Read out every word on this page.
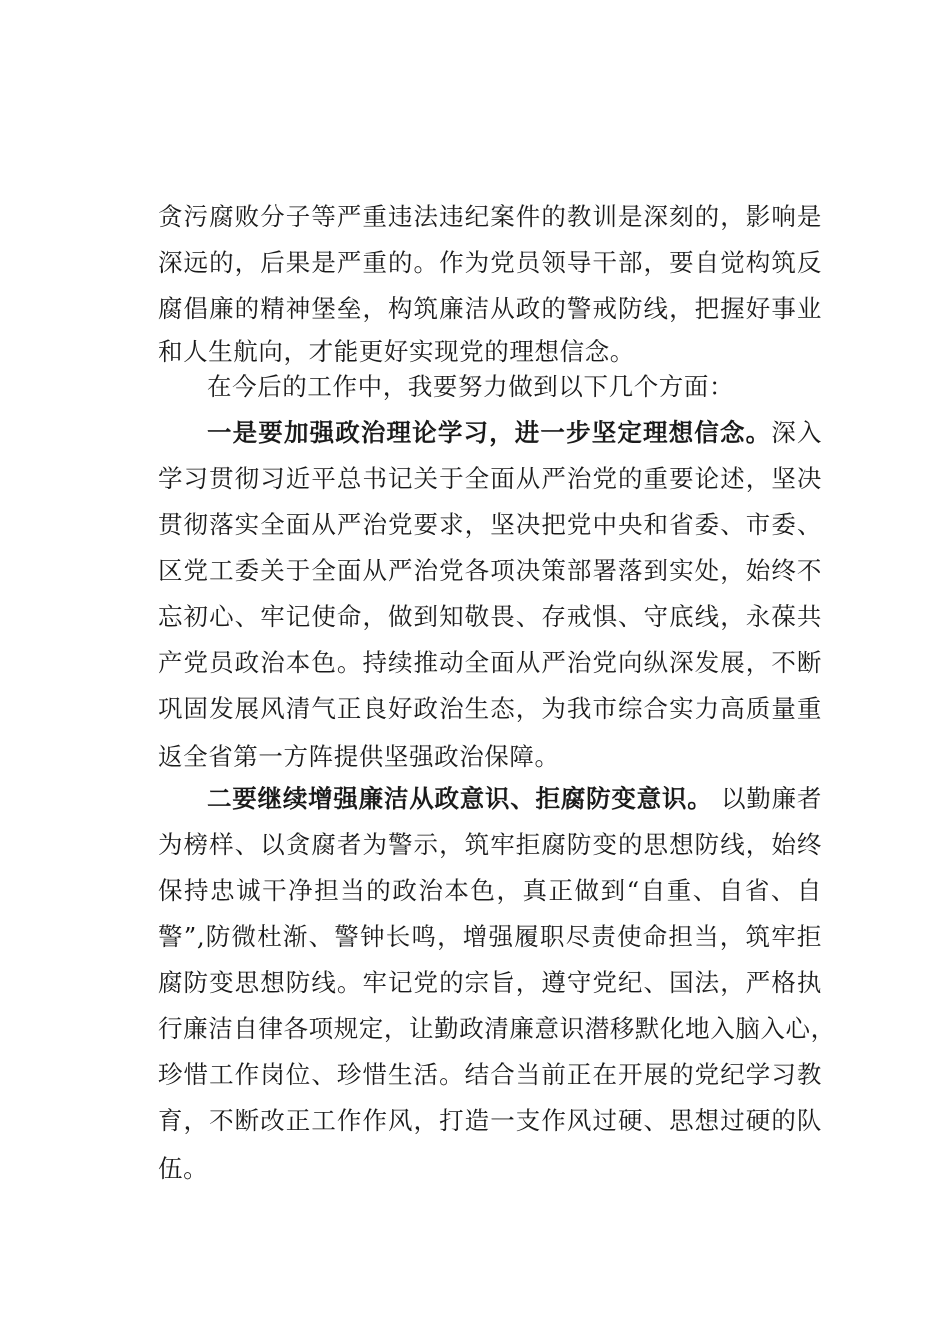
贪污腐败分子等严重违法违纪案件的教训是深刻的，影响是
深远的，后果是严重的。作为党员领导干部，要自觉构筑反
腐倡廉的精神堡垒，构筑廉洁从政的警戒防线，把握好事业
和人生航向，才能更好实现党的理想信念。
在今后的工作中，我要努力做到以下几个方面：
一是要加强政治理论学习，进一步坚定理想信念。深入
学习贯彻习近平总书记关于全面从严治党的重要论述，坚决
贯彻落实全面从严治党要求，坚决把党中央和省委、市委、
区党工委关于全面从严治党各项决策部署落到实处，始终不
忘初心、牢记使命，做到知敬畏、存戒惧、守底线，永葆共
产党员政治本色。持续推动全面从严治党向纵深发展，不断
巩固发展风清气正良好政治生态，为我市综合实力高质量重
返全省第一方阵提供坚强政治保障。
二要继续增强廉洁从政意识、拒腐防变意识。 以勤廉者
为榜样、以贪腐者为警示，筑牢拒腐防变的思想防线，始终
保持忠诚干净担当的政治本色，真正做到“自重、自省、自
警”,防微杜渐、警钟长鸣，增强履职尽责使命担当，筑牢拒
腐防变思想防线。牢记党的宗旨，遵守党纪、国法，严格执
行廉洁自律各项规定，让勤政清廉意识潜移默化地入脑入心，
珍惜工作岗位、珍惜生活。结合当前正在开展的党纪学习教
育，不断改正工作作风，打造一支作风过硬、思想过硬的队
伍。
